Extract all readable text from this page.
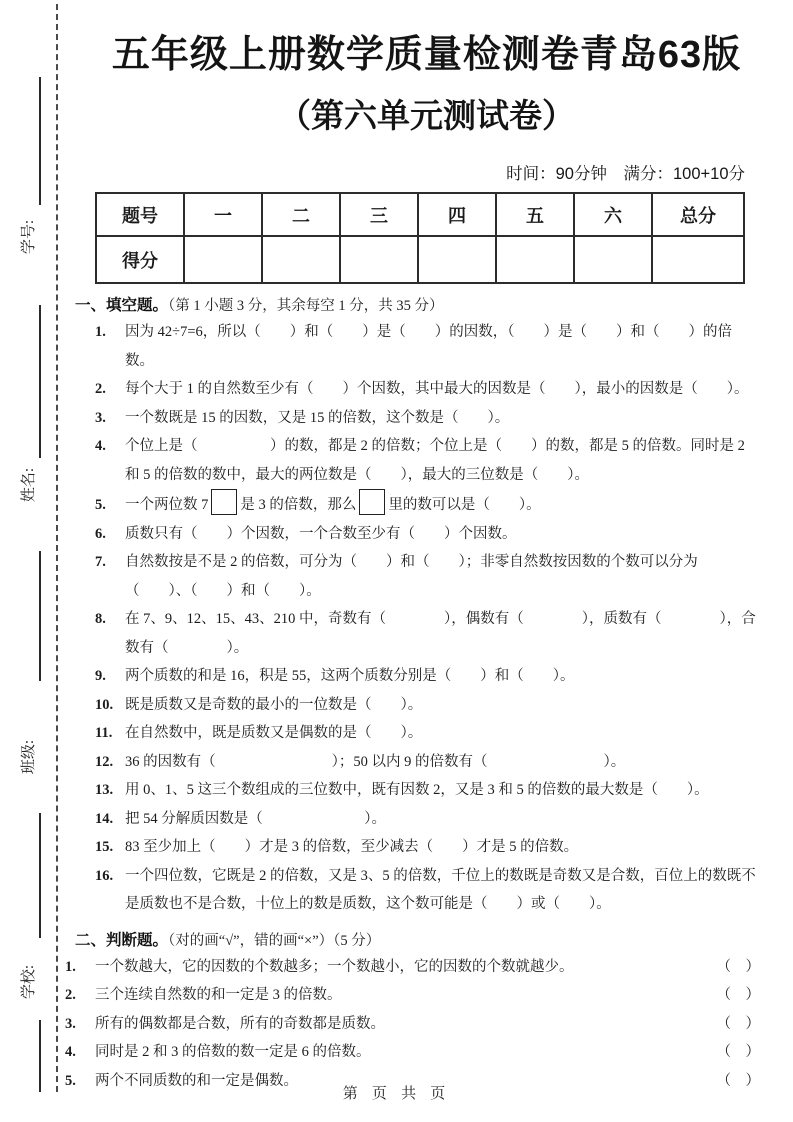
学号:
姓名:
班级:
学校:
五年级上册数学质量检测卷青岛63版
（第六单元测试卷）
时间：90分钟　满分：100+10分
题号	一	二	三	四	五	六	总分
得分							
一、填空题。（第 1 小题 3 分，其余每空 1 分，共 35 分）
1. 因为 42÷7=6，所以（　　）和（　　）是（　　）的因数，（　　）是（　　）和（　　）的倍数。
2. 每个大于 1 的自然数至少有（　　）个因数，其中最大的因数是（　　），最小的因数是（　　）。
3. 一个数既是 15 的因数，又是 15 的倍数，这个数是（　　）。
4. 个位上是（　　　　　）的数，都是 2 的倍数；个位上是（　　）的数，都是 5 的倍数。同时是 2 和 5 的倍数的数中，最大的两位数是（　　），最大的三位数是（　　）。
5. 一个两位数 7 是 3 的倍数，那么 里的数可以是（　　）。
6. 质数只有（　　）个因数，一个合数至少有（　　）个因数。
7. 自然数按是不是 2 的倍数，可分为（　　）和（　　）；非零自然数按因数的个数可以分为（　　）、（　　）和（　　）。
8. 在 7、9、12、15、43、210 中，奇数有（　　　　），偶数有（　　　　），质数有（　　　　），合数有（　　　　）。
9. 两个质数的和是 16，积是 55，这两个质数分别是（　　）和（　　）。
10. 既是质数又是奇数的最小的一位数是（　　）。
11. 在自然数中，既是质数又是偶数的是（　　）。
12. 36 的因数有（　　　　　　　　）；50 以内 9 的倍数有（　　　　　　　　）。
13. 用 0、1、5 这三个数组成的三位数中，既有因数 2，又是 3 和 5 的倍数的最大数是（　　）。
14. 把 54 分解质因数是（　　　　　　　）。
15. 83 至少加上（　　）才是 3 的倍数，至少减去（　　）才是 5 的倍数。
16. 一个四位数，它既是 2 的倍数，又是 3、5 的倍数，千位上的数既是奇数又是合数，百位上的数既不是质数也不是合数，十位上的数是质数，这个数可能是（　　）或（　　）。
二、判断题。（对的画“√”，错的画“×”）（5 分）
1. 一个数越大，它的因数的个数越多；一个数越小，它的因数的个数就越少。	（　）
2. 三个连续自然数的和一定是 3 的倍数。	（　）
3. 所有的偶数都是合数，所有的奇数都是质数。	（　）
4. 同时是 2 和 3 的倍数的数一定是 6 的倍数。	（　）
5. 两个不同质数的和一定是偶数。	（　）
第 页 共 页
